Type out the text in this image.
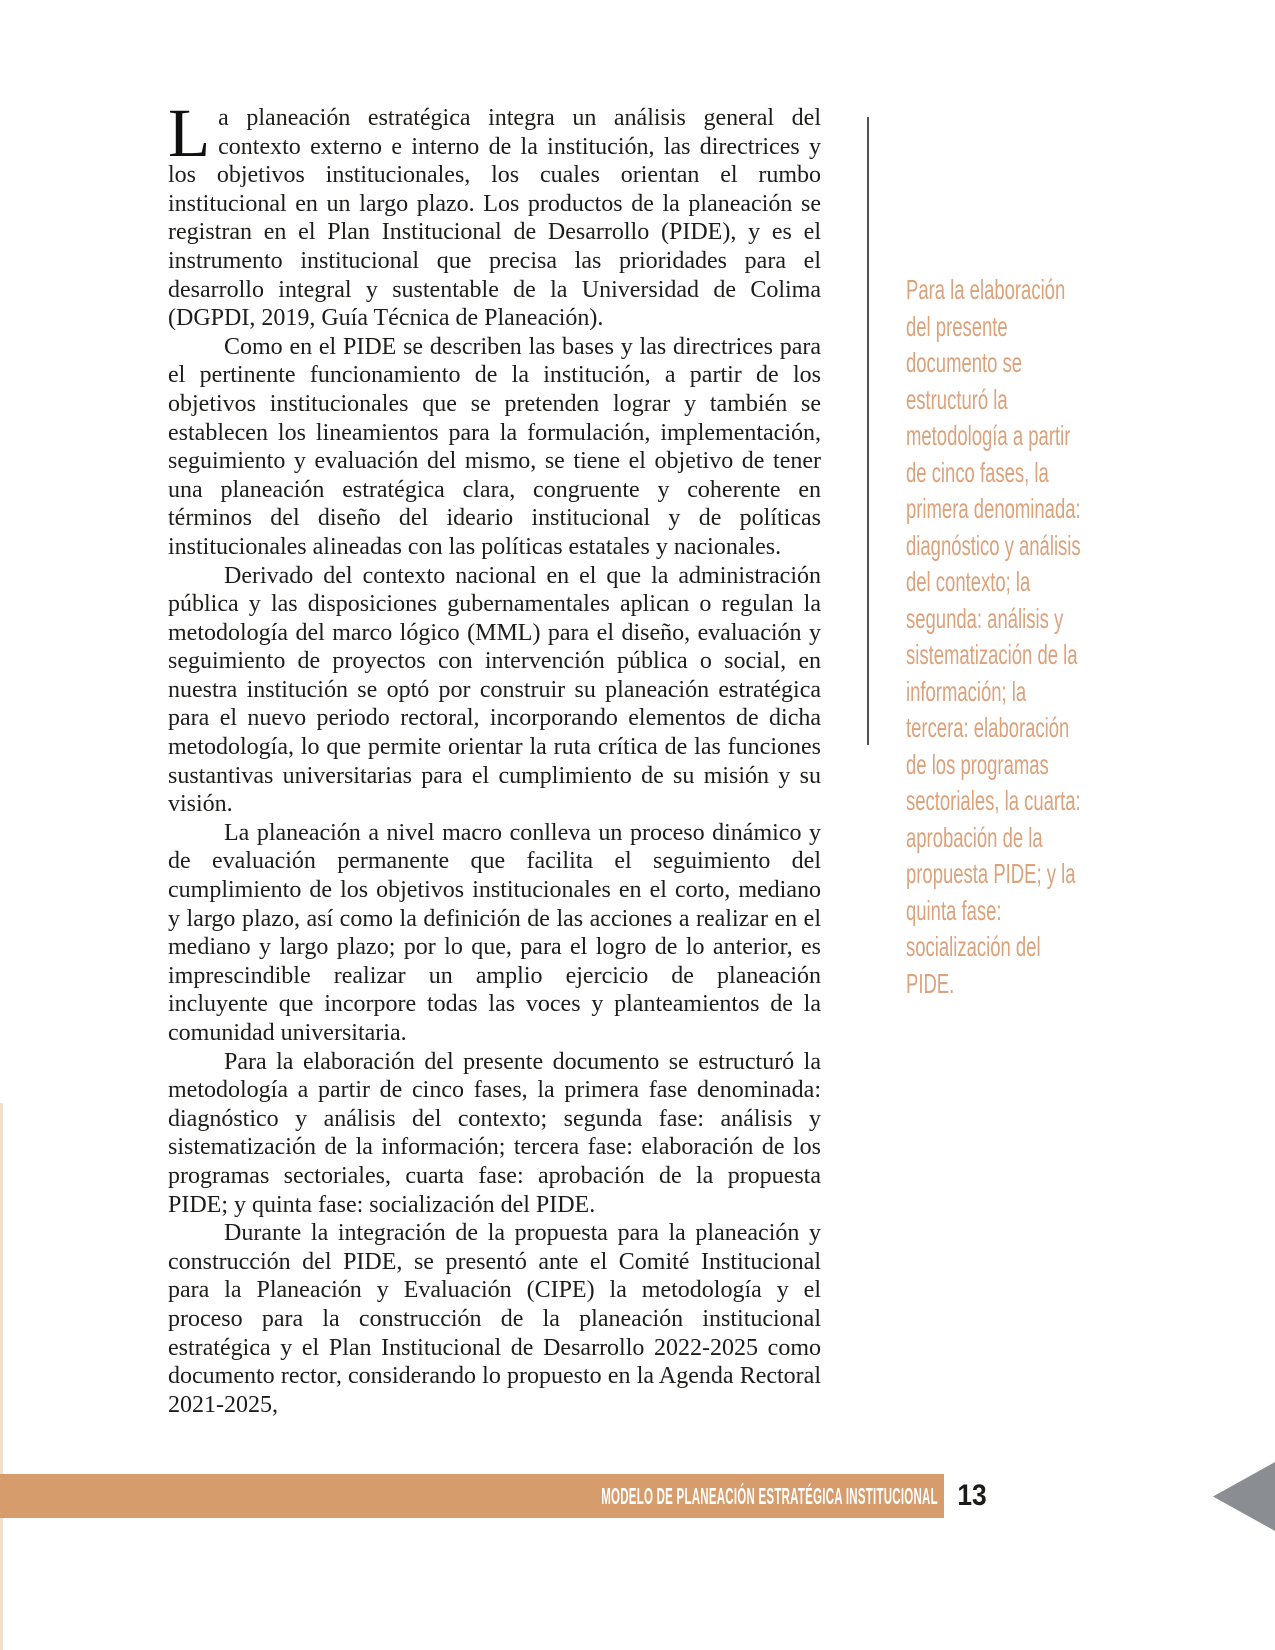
La planeación estratégica integra un análisis general del contexto externo e interno de la institución, las directrices y los objetivos institucionales, los cuales orientan el rumbo institucional en un largo plazo. Los productos de la planeación se registran en el Plan Institucional de Desarrollo (PIDE), y es el instrumento institucional que precisa las prioridades para el desarrollo integral y sustentable de la Universidad de Colima (DGPDI, 2019, Guía Técnica de Planeación).

Como en el PIDE se describen las bases y las directrices para el pertinente funcionamiento de la institución, a partir de los objetivos institucionales que se pretenden lograr y también se establecen los lineamientos para la formulación, implementación, seguimiento y evaluación del mismo, se tiene el objetivo de tener una planeación estratégica clara, congruente y coherente en términos del diseño del ideario institucional y de políticas institucionales alineadas con las políticas estatales y nacionales.

Derivado del contexto nacional en el que la administración pública y las disposiciones gubernamentales aplican o regulan la metodología del marco lógico (MML) para el diseño, evaluación y seguimiento de proyectos con intervención pública o social, en nuestra institución se optó por construir su planeación estratégica para el nuevo periodo rectoral, incorporando elementos de dicha metodología, lo que permite orientar la ruta crítica de las funciones sustantivas universitarias para el cumplimiento de su misión y su visión.

La planeación a nivel macro conlleva un proceso dinámico y de evaluación permanente que facilita el seguimiento del cumplimiento de los objetivos institucionales en el corto, mediano y largo plazo, así como la definición de las acciones a realizar en el mediano y largo plazo; por lo que, para el logro de lo anterior, es imprescindible realizar un amplio ejercicio de planeación incluyente que incorpore todas las voces y planteamientos de la comunidad universitaria.

Para la elaboración del presente documento se estructuró la metodología a partir de cinco fases, la primera fase denominada: diagnóstico y análisis del contexto; segunda fase: análisis y sistematización de la información; tercera fase: elaboración de los programas sectoriales, cuarta fase: aprobación de la propuesta PIDE; y quinta fase: socialización del PIDE.

Durante la integración de la propuesta para la planeación y construcción del PIDE, se presentó ante el Comité Institucional para la Planeación y Evaluación (CIPE) la metodología y el proceso para la construcción de la planeación institucional estratégica y el Plan Institucional de Desarrollo 2022-2025 como documento rector, considerando lo propuesto en la Agenda Rectoral 2021-2025,

Para la elaboración del presente documento se estructuró la metodología a partir de cinco fases, la primera denominada: diagnóstico y análisis del contexto; la segunda: análisis y sistematización de la información; la tercera: elaboración de los programas sectoriales, la cuarta: aprobación de la propuesta PIDE; y la quinta fase: socialización del PIDE.
MODELO DE PLANEACIÓN ESTRATÉGICA INSTITUCIONAL 13
